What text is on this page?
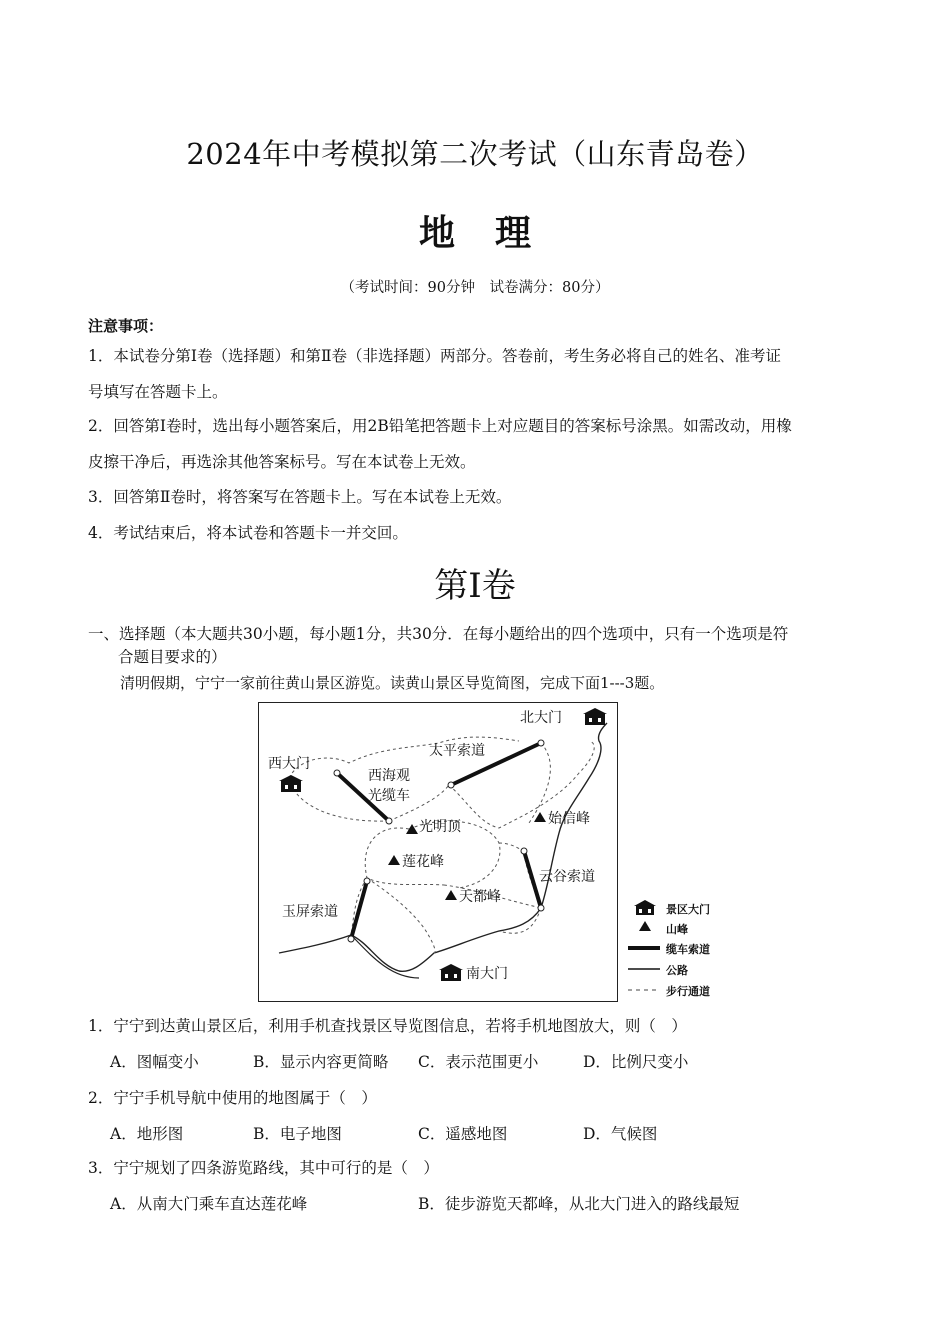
2024年中考模拟第二次考试（山东青岛卷）
地理
（考试时间：90分钟　试卷满分：80分）
注意事项：
1．本试卷分第Ⅰ卷（选择题）和第Ⅱ卷（非选择题）两部分。答卷前，考生务必将自己的姓名、准考证
号填写在答题卡上。
2．回答第Ⅰ卷时，选出每小题答案后，用2B铅笔把答题卡上对应题目的答案标号涂黑。如需改动，用橡
皮擦干净后，再选涂其他答案标号。写在本试卷上无效。
3．回答第Ⅱ卷时，将答案写在答题卡上。写在本试卷上无效。
4．考试结束后，将本试卷和答题卡一并交回。
第Ⅰ卷
一、选择题（本大题共30小题，每小题1分，共30分．在每小题给出的四个选项中，只有一个选项是符
合题目要求的）
清明假期，宁宁一家前往黄山景区游览。读黄山景区导览简图，完成下面1---3题。
北大门
西大门
南大门
太平索道
西海观
光缆车
光明顶	始信峰
莲花峰
天都峰
云谷索道
玉屏索道	景区大门
山峰
缆车索道
公路
步行通道
1．宁宁到达黄山景区后，利用手机查找景区导览图信息，若将手机地图放大，则（　）
A．图幅变小	B．显示内容更简略 C．表示范围更小	D．比例尺变小
2．宁宁手机导航中使用的地图属于（　）
A．地形图	B．电子地图	C．遥感地图	D．气候图
3．宁宁规划了四条游览路线，其中可行的是（　）
A．从南大门乘车直达莲花峰	B．徒步游览天都峰，从北大门进入的路线最短
